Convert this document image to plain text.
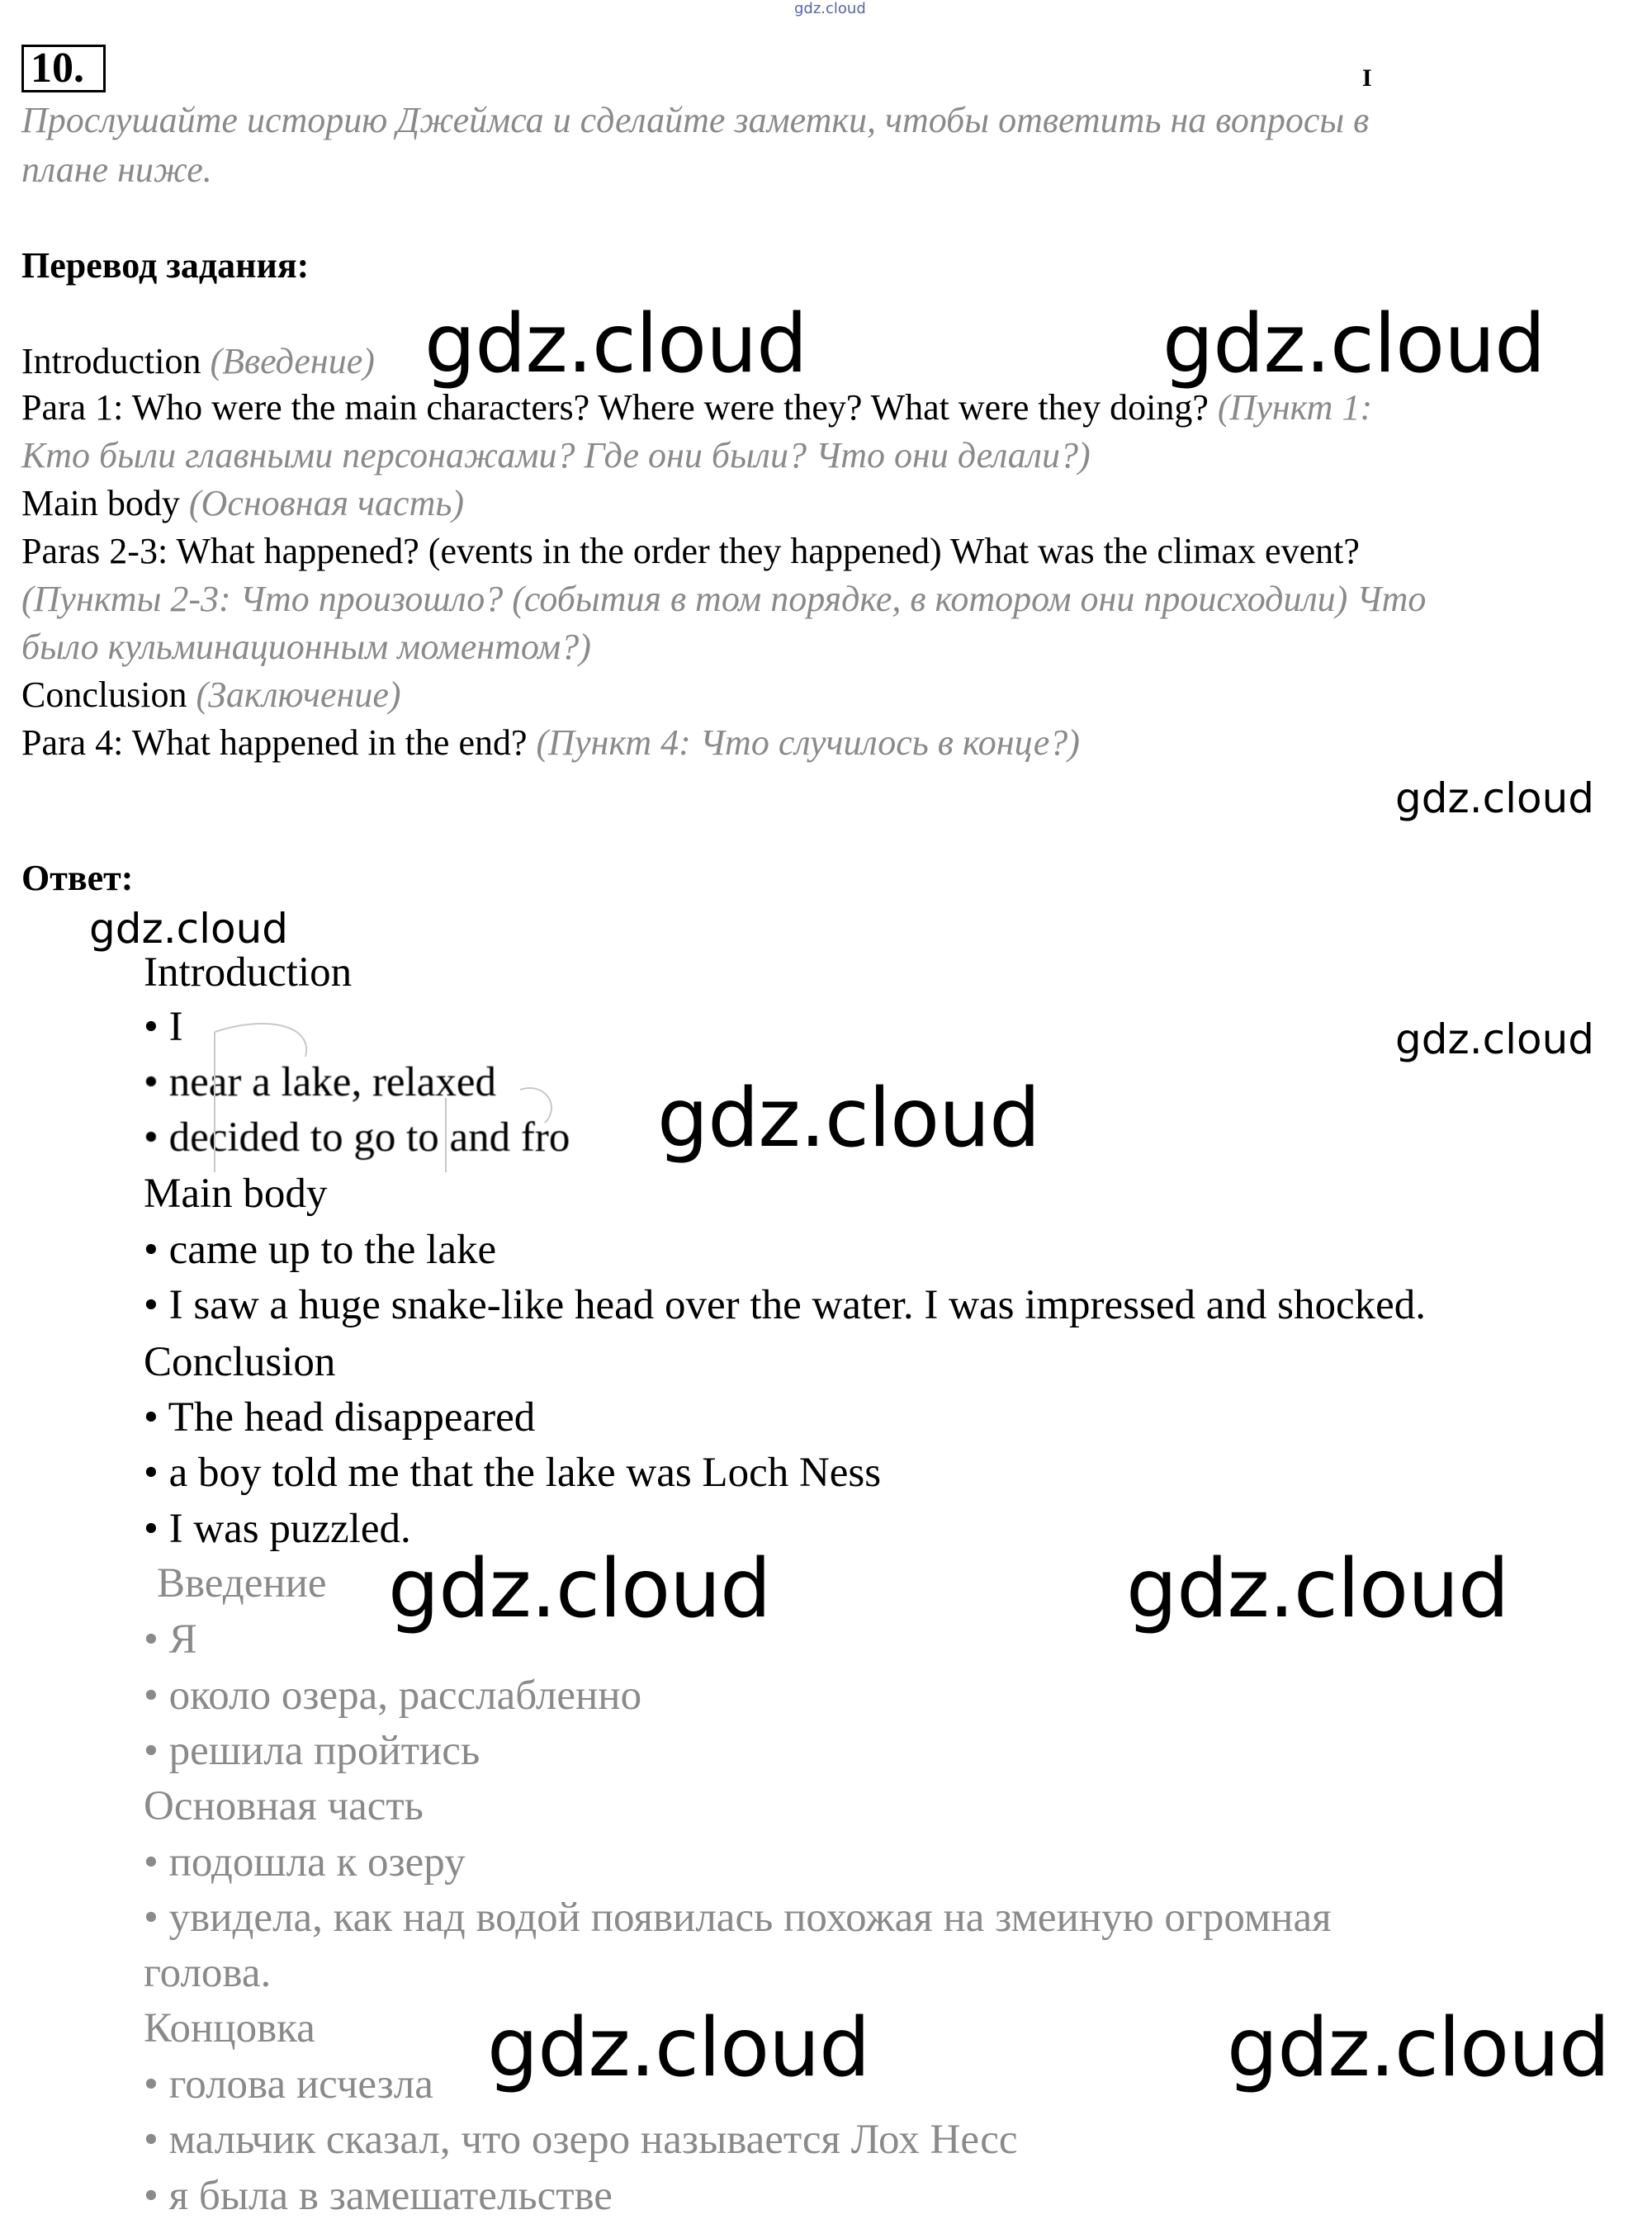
gdz.cloud
10.	I
Прослушайте историю Джеймса и сделайте заметки, чтобы ответить на вопросы в
плане ниже.
Перевод задания:
Introduction (Введение)
Para 1: Who were the main characters? Where were they? What were they doing? (Пункт 1:
Кто были главными персонажами? Где они были? Что они делали?)
Main body (Основная часть)
Paras 2-3: What happened? (events in the order they happened) What was the climax event?
(Пункты 2-3: Что произошло? (события в том порядке, в котором они происходили) Что
было кульминационным моментом?)
Conclusion (Заключение)
Para 4: What happened in the end? (Пункт 4: Что случилось в конце?)
Ответ:
Introduction
• I
• near a lake, relaxed
• decided to go to and fro
Main body
• came up to the lake
• I saw a huge snake-like head over the water. I was impressed and shocked.
Conclusion
• The head disappeared
• a boy told me that the lake was Loch Ness
• I was puzzled.
Введение
• Я
• около озера, расслабленно
• решила пройтись
Основная часть
• подошла к озеру
• увидела, как над водой появилась похожая на змеиную огромная
голова.
Концовка
• голова исчезла
• мальчик сказал, что озеро называется Лох Несс
• я была в замешательстве
gdz.cloud	gdz.cloud
gdz.cloud
gdz.cloud
gdz.cloud
gdz.cloud
gdz.cloud	gdz.cloud
gdz.cloud	gdz.cloud
